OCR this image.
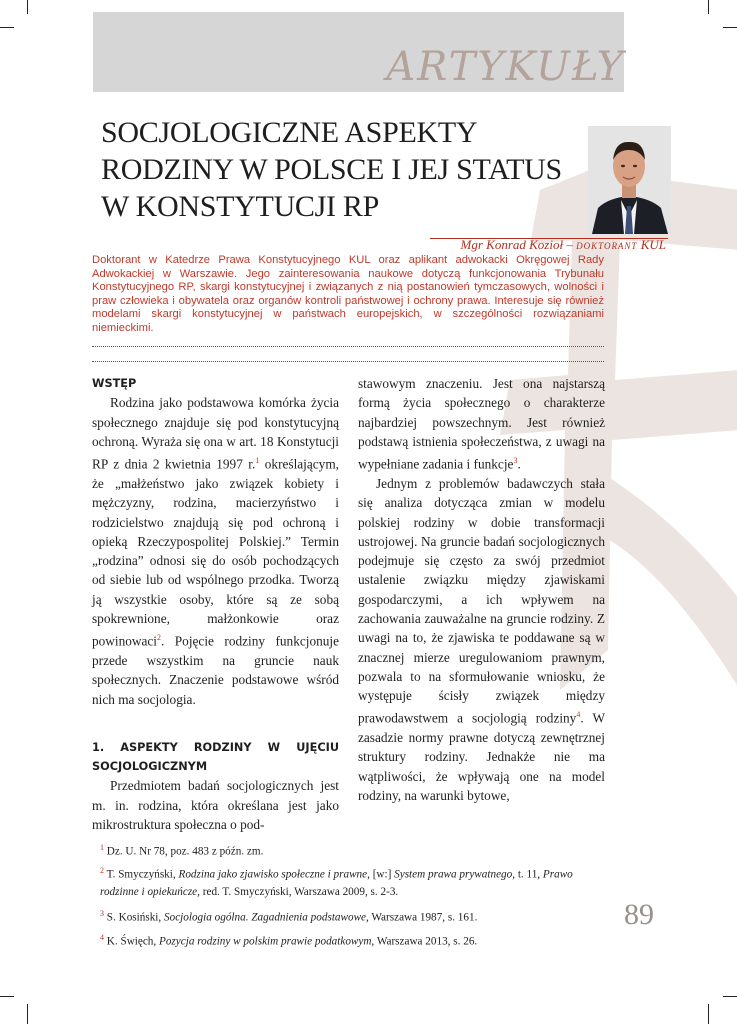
ARTYKUŁY
SOCJOLOGICZNE ASPEKTY
RODZINY W POLSCE I JEJ STATUS
W KONSTYTUCJI RP
Mgr Konrad Kozioł – DOKTORANT KUL
Doktorant w Katedrze Prawa Konstytucyjnego KUL oraz aplikant adwokacki Okręgowej Rady Adwokackiej w Warszawie. Jego zainteresowania naukowe dotyczą funkcjonowania Trybunału Konstytucyjnego RP, skargi konstytucyjnej i związanych z nią postanowień tymczasowych, wolności i praw człowieka i obywatela oraz organów kontroli państwowej i ochrony prawa. Interesuje się również modelami skargi konstytucyjnej w państwach europejskich, w szczególności rozwiązaniami niemieckimi.

WSTĘP

Rodzina jako podstawowa komórka życia społecznego znajduje się pod konstytucyjną ochroną. Wyraża się ona w art. 18 Konstytucji RP z dnia 2 kwietnia 1997 r.$^1$ określającym, że „małżeństwo jako związek kobiety i mężczyzny, rodzina, macierzyństwo i rodzicielstwo znajdują się pod ochroną i opieką Rzeczypospolitej Polskiej.” Termin „rodzina” odnosi się do osób pochodzących od siebie lub od wspólnego przodka. Tworzą ją wszystkie osoby, które są ze sobą spokrewnione, małżonkowie oraz powinowaci$^2$. Pojęcie rodziny funkcjonuje przede wszystkim na gruncie nauk społecznych. Znaczenie podstawowe wśród nich ma socjologia.

1. ASPEKTY RODZINY W UJĘCIU SOCJOLOGICZNYM

Przedmiotem badań socjologicznych jest m. in. rodzina, która określana jest jako mikrostruktura społeczna o pod-

stawowym znaczeniu. Jest ona najstarszą formą życia społecznego o charakterze najbardziej powszechnym. Jest również podstawą istnienia społeczeństwa, z uwagi na wypełniane zadania i funkcje$^3$.

Jednym z problemów badawczych stała się analiza dotycząca zmian w modelu polskiej rodziny w dobie transformacji ustrojowej. Na gruncie badań socjologicznych podejmuje się często za swój przedmiot ustalenie związku między zjawiskami gospodarczymi, a ich wpływem na zachowania zauważalne na gruncie rodziny. Z uwagi na to, że zjawiska te poddawane są w znacznej mierze uregulowaniom prawnym, pozwala to na sformułowanie wniosku, że występuje ścisły związek między prawodawstwem a socjologią rodziny$^4$. W zasadzie normy prawne dotyczą zewnętrznej struktury rodziny. Jednakże nie ma wątpliwości, że wpływają one na model rodziny, na warunki bytowe,

$^1$ Dz. U. Nr 78, poz. 483 z późn. zm.
$^2$ T. Smyczyński, Rodzina jako zjawisko społeczne i prawne, [w:] System prawa prywatnego, t. 11, Prawo rodzinne i opiekuńcze, red. T. Smyczyński, Warszawa 2009, s. 2-3.
$^3$ S. Kosiński, Socjologia ogólna. Zagadnienia podstawowe, Warszawa 1987, s. 161.
$^4$ K. Święch, Pozycja rodziny w polskim prawie podatkowym, Warszawa 2013, s. 26.
89
